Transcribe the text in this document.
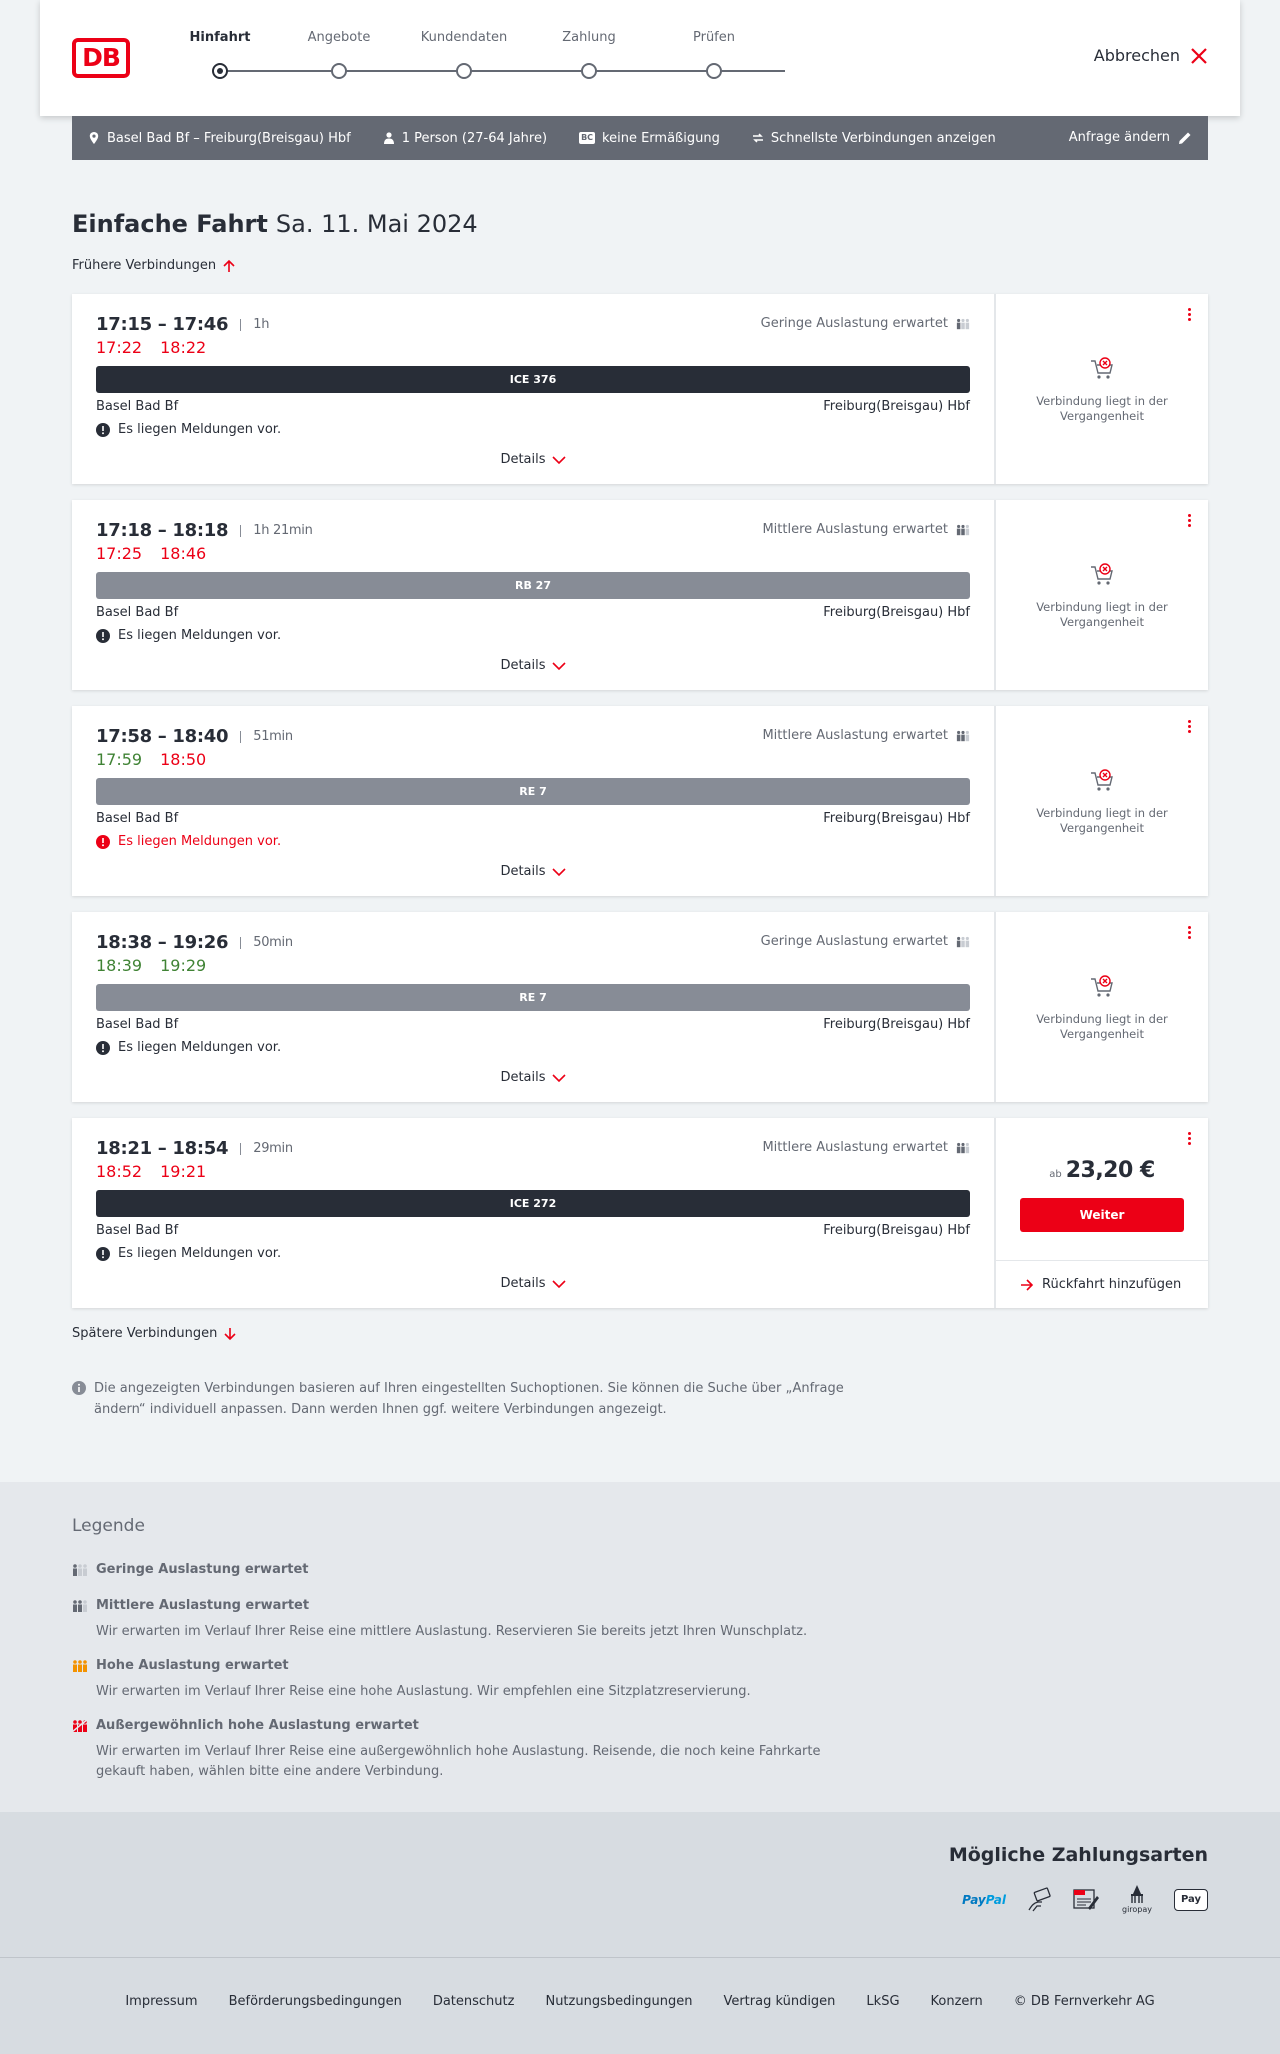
DB
Hinfahrt	Angebote	Kundendaten	Zahlung	Prüfen
Abbrechen
Basel Bad Bf – Freiburg(Breisgau) Hbf	1 Person (27-64 Jahre)	BC keine Ermäßigung	Schnellste Verbindungen anzeigen	Anfrage ändern
Einfache Fahrt Sa. 11. Mai 2024
Frühere Verbindungen
17:15 – 17:46	1h
17:22 18:22
Geringe Auslastung erwartet
ICE 376
Basel Bad Bf	Freiburg(Breisgau) Hbf
Es liegen Meldungen vor.
Details
Verbindung liegt in der Vergangenheit
17:18 – 18:18	1h 21min
17:25 18:46
Mittlere Auslastung erwartet
RB 27
Basel Bad Bf	Freiburg(Breisgau) Hbf
Es liegen Meldungen vor.
Details
Verbindung liegt in der Vergangenheit
17:58 – 18:40	51min
17:59 18:50
Mittlere Auslastung erwartet
RE 7
Basel Bad Bf	Freiburg(Breisgau) Hbf
Es liegen Meldungen vor.
Details
Verbindung liegt in der Vergangenheit
18:38 – 19:26	50min
18:39 19:29
Geringe Auslastung erwartet
RE 7
Basel Bad Bf	Freiburg(Breisgau) Hbf
Es liegen Meldungen vor.
Details
Verbindung liegt in der Vergangenheit
18:21 – 18:54	29min
18:52 19:21
Mittlere Auslastung erwartet
ICE 272
Basel Bad Bf	Freiburg(Breisgau) Hbf
Es liegen Meldungen vor.
Details
ab 23,20 €
Weiter
Rückfahrt hinzufügen
Spätere Verbindungen
Die angezeigten Verbindungen basieren auf Ihren eingestellten Suchoptionen. Sie können die Suche über „Anfrage ändern“ individuell anpassen. Dann werden Ihnen ggf. weitere Verbindungen angezeigt.
Legende
Geringe Auslastung erwartet
Mittlere Auslastung erwartet
Wir erwarten im Verlauf Ihrer Reise eine mittlere Auslastung. Reservieren Sie bereits jetzt Ihren Wunschplatz.
Hohe Auslastung erwartet
Wir erwarten im Verlauf Ihrer Reise eine hohe Auslastung. Wir empfehlen eine Sitzplatzreservierung.
Außergewöhnlich hohe Auslastung erwartet
Wir erwarten im Verlauf Ihrer Reise eine außergewöhnlich hohe Auslastung. Reisende, die noch keine Fahrkarte gekauft haben, wählen bitte eine andere Verbindung.
Mögliche Zahlungsarten
PayPal
giropay
Pay
Impressum Beförderungsbedingungen Datenschutz Nutzungsbedingungen Vertrag kündigen LkSG Konzern © DB Fernverkehr AG
